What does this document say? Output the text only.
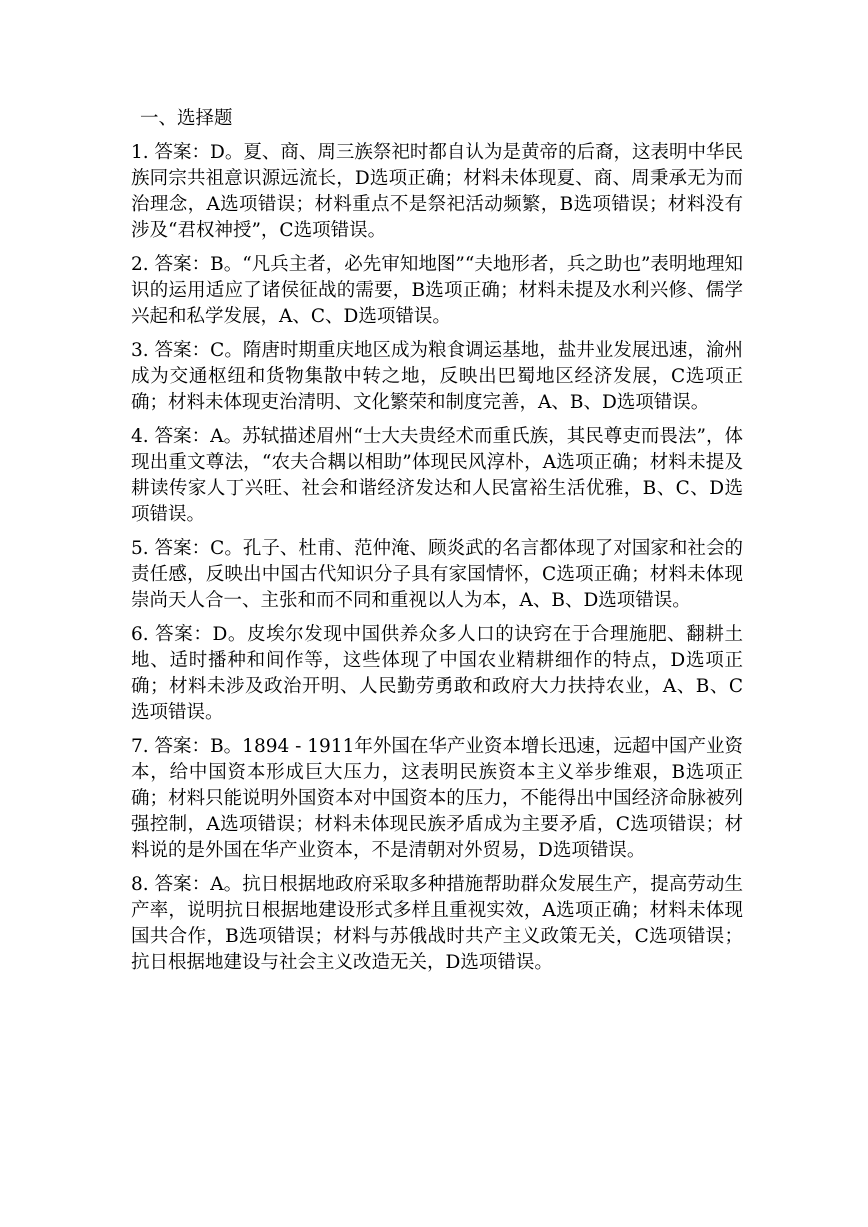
一、选择题

1. 答案：D。夏、商、周三族祭祀时都自认为是黄帝的后裔，这表明中华民族同宗共祖意识源远流长，D选项正确；材料未体现夏、商、周秉承无为而治理念，A选项错误；材料重点不是祭祀活动频繁，B选项错误；材料没有涉及“君权神授”，C选项错误。

2. 答案：B。“凡兵主者，必先审知地图”“夫地形者，兵之助也”表明地理知识的运用适应了诸侯征战的需要，B选项正确；材料未提及水利兴修、儒学兴起和私学发展，A、C、D选项错误。

3. 答案：C。隋唐时期重庆地区成为粮食调运基地，盐井业发展迅速，渝州成为交通枢纽和货物集散中转之地，反映出巴蜀地区经济发展，C选项正确；材料未体现吏治清明、文化繁荣和制度完善，A、B、D选项错误。

4. 答案：A。苏轼描述眉州“士大夫贵经术而重氏族，其民尊吏而畏法”，体现出重文尊法，“农夫合耦以相助”体现民风淳朴，A选项正确；材料未提及耕读传家人丁兴旺、社会和谐经济发达和人民富裕生活优雅，B、C、D选项错误。

5. 答案：C。孔子、杜甫、范仲淹、顾炎武的名言都体现了对国家和社会的责任感，反映出中国古代知识分子具有家国情怀，C选项正确；材料未体现崇尚天人合一、主张和而不同和重视以人为本，A、B、D选项错误。

6. 答案：D。皮埃尔发现中国供养众多人口的诀窍在于合理施肥、翻耕土地、适时播种和间作等，这些体现了中国农业精耕细作的特点，D选项正确；材料未涉及政治开明、人民勤劳勇敢和政府大力扶持农业，A、B、C选项错误。

7. 答案：B。1894 - 1911年外国在华产业资本增长迅速，远超中国产业资本，给中国资本形成巨大压力，这表明民族资本主义举步维艰，B选项正确；材料只能说明外国资本对中国资本的压力，不能得出中国经济命脉被列强控制，A选项错误；材料未体现民族矛盾成为主要矛盾，C选项错误；材料说的是外国在华产业资本，不是清朝对外贸易，D选项错误。

8. 答案：A。抗日根据地政府采取多种措施帮助群众发展生产，提高劳动生产率，说明抗日根据地建设形式多样且重视实效，A选项正确；材料未体现国共合作，B选项错误；材料与苏俄战时共产主义政策无关，C选项错误；抗日根据地建设与社会主义改造无关，D选项错误。
